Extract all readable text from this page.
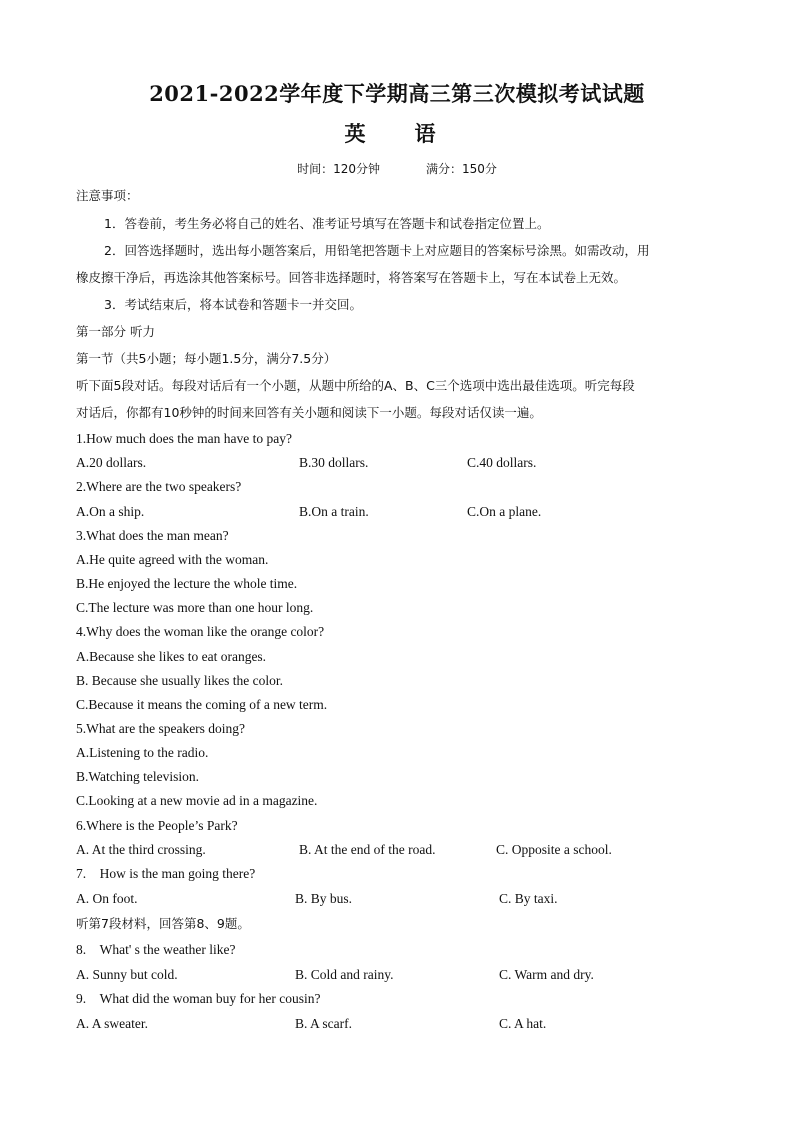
2021-2022学年度下学期高三第三次模拟考试试题
英　语
时间：120分钟	满分：150分
注意事项：
1．答卷前，考生务必将自己的姓名、准考证号填写在答题卡和试卷指定位置上。
2．回答选择题时，选出每小题答案后，用铅笔把答题卡上对应题目的答案标号涂黑。如需改动，用
橡皮擦干净后，再选涂其他答案标号。回答非选择题时，将答案写在答题卡上，写在本试卷上无效。
3．考试结束后，将本试卷和答题卡一并交回。
第一部分 听力
第一节（共5小题；每小题1.5分，满分7.5分）
听下面5段对话。每段对话后有一个小题，从题中所给的A、B、C三个选项中选出最佳选项。听完每段
对话后，你都有10秒钟的时间来回答有关小题和阅读下一小题。每段对话仅读一遍。
1.How much does the man have to pay?
A.20 dollars.	B.30 dollars.	C.40 dollars.
2.Where are the two speakers?
A.On a ship.	B.On a train.	C.On a plane.
3.What does the man mean?
A.He quite agreed with the woman.
B.He enjoyed the lecture the whole time.
C.The lecture was more than one hour long.
4.Why does the woman like the orange color?
A.Because she likes to eat oranges.
B. Because she usually likes the color.
C.Because it means the coming of a new term.
5.What are the speakers doing?
A.Listening to the radio.
B.Watching television.
C.Looking at a new movie ad in a magazine.
6.Where is the People’s Park?
A. At the third crossing.	B. At the end of the road.	C. Opposite a school.
7.　How is the man going there?
A. On foot.	B. By bus.	C. By taxi.
听第7段材料，回答第8、9题。
8.　What' s the weather like?
A. Sunny but cold.	B. Cold and rainy.	C. Warm and dry.
9.　What did the woman buy for her cousin?
A. A sweater.	B. A scarf.	C. A hat.
